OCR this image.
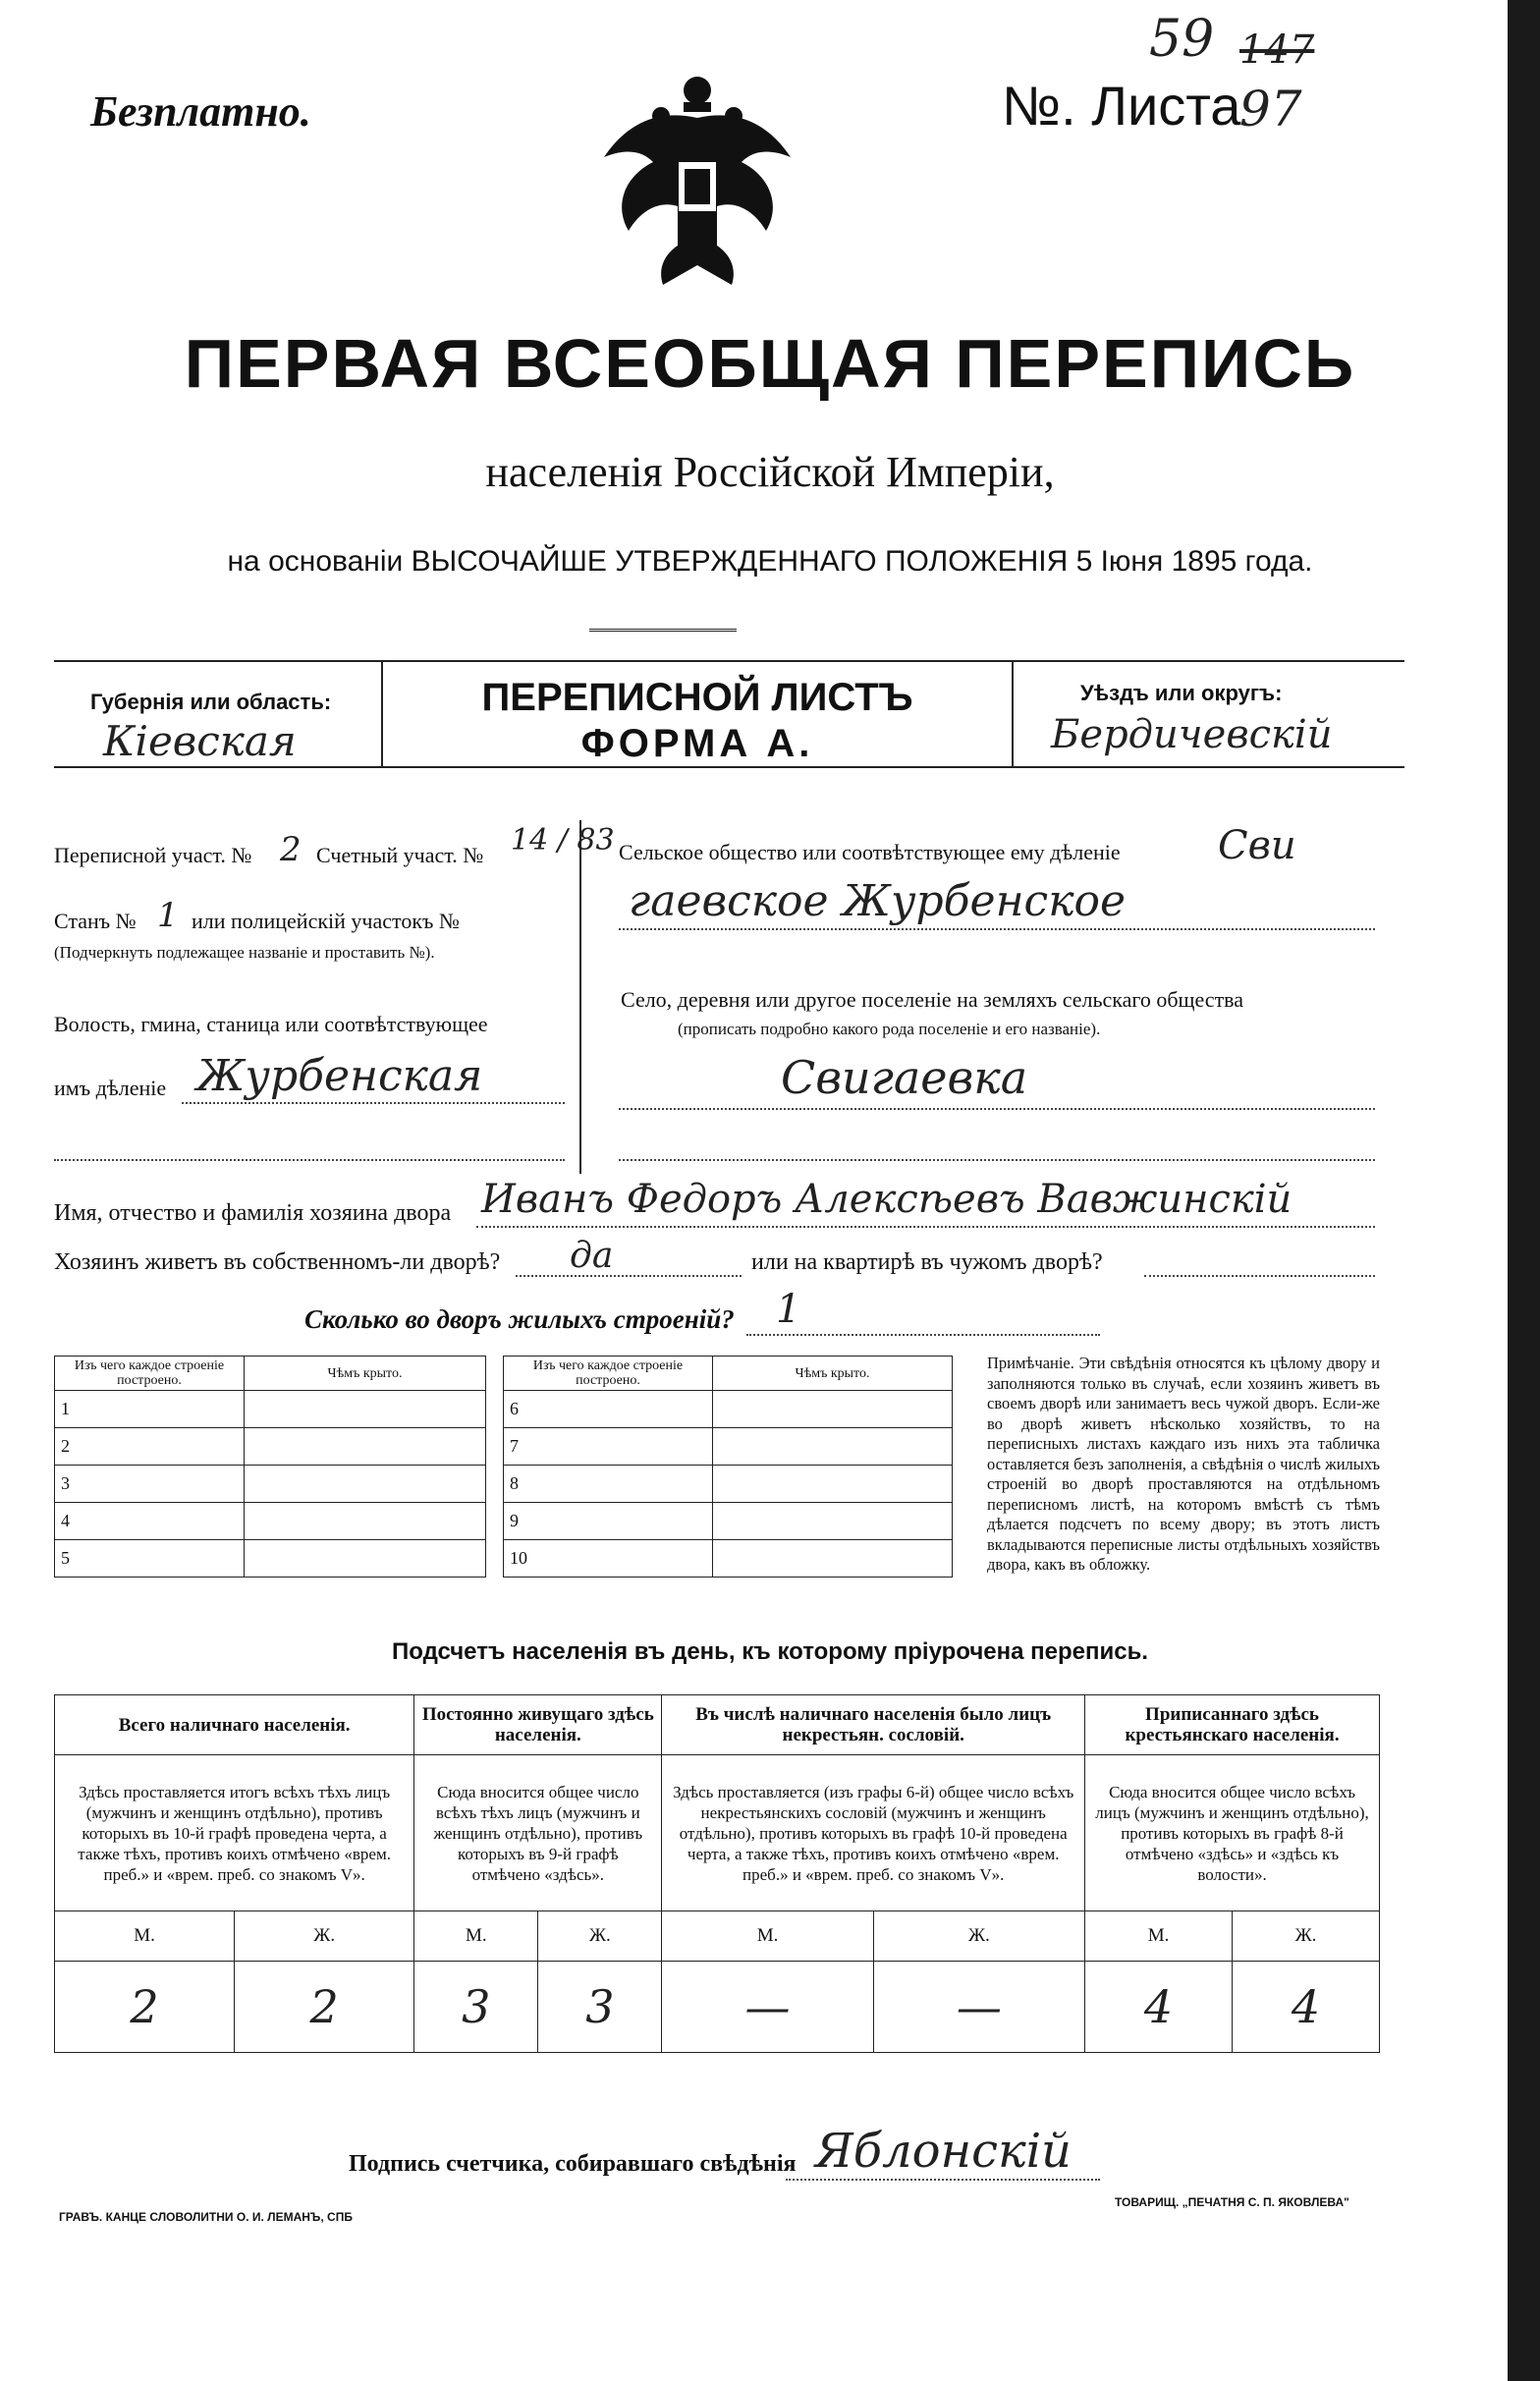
Безплатно.	№. Листа
97
59 147
ПЕРВАЯ ВСЕОБЩАЯ ПЕРЕПИСЬ
населенія Россійской Имперіи,
на основаніи ВЫСОЧАЙШЕ УТВЕРЖДЕННАГО ПОЛОЖЕНІЯ 5 Іюня 1895 года.
Губернія или область:
Кіевская
ПЕРЕПИСНОЙ ЛИСТЪ
ФОРМА А.
Уѣздъ или округъ:
Бердичевскій
Переписной участ. № 2 Счетный участ. № 14 / 83
Станъ № 1 или полицейскій участокъ №
(Подчеркнуть подлежащее названіе и проставить №).
Волость, гмина, станица или соотвѣтствующее
имъ дѣленіе Журбенская
Сельское общество или соотвѣтствующее ему дѣленіе Сви
гаевское Журбенское
Село, деревня или другое поселеніе на земляхъ сельскаго общества
(прописать подробно какого рода поселеніе и его названіе).
Свигаевка
Имя, отчество и фамилія хозяина двора Иванъ Федоръ Алексѣевъ Вавжинскій
Хозяинъ живетъ въ собственномъ-ли дворѣ? да	или на квартирѣ въ чужомъ дворѣ?
Сколько во дворъ жилыхъ строеній? 1
Изъ чего каждое строеніе построено.	Чѣмъ крыто.
1	
2	
3	
4	
5	
Изъ чего каждое строеніе построено.	Чѣмъ крыто.
6	
7	
8	
9	
10	
Примѣчаніе. Эти свѣдѣнія относятся къ цѣлому двору и заполняются только въ случаѣ, если хозяинъ живетъ въ своемъ дворѣ или занимаетъ весь чужой дворъ. Если-же во дворѣ живетъ нѣсколько хозяйствъ, то на переписныхъ листахъ каждаго изъ нихъ эта табличка оставляется безъ заполненія, а свѣдѣнія о числѣ жилыхъ строеній во дворѣ проставляются на отдѣльномъ переписномъ листѣ, на которомъ вмѣстѣ съ тѣмъ дѣлается подсчетъ по всему двору; въ этотъ листъ вкладываются переписные листы отдѣльныхъ хозяйствъ двора, какъ въ обложку.
Подсчетъ населенія въ день, къ которому пріурочена перепись.
Всего наличнаго населенія.		Постоянно живущаго здѣсь населенія.		Въ числѣ наличнаго населенія было лицъ некрестьян. сословій.		Приписаннаго здѣсь крестьянскаго населенія.	
Здѣсь проставляется итогъ всѣхъ тѣхъ лицъ (мужчинъ и женщинъ отдѣльно), противъ которыхъ въ 10-й графѣ проведена черта, а также тѣхъ, противъ коихъ отмѣчено «врем. преб.» и «врем. преб. со знакомъ V».		Сюда вносится общее число всѣхъ тѣхъ лицъ (мужчинъ и женщинъ отдѣльно), противъ которыхъ въ 9-й графѣ отмѣчено «здѣсь».		Здѣсь проставляется (изъ графы 6-й) общее число всѣхъ некрестьянскихъ сословій (мужчинъ и женщинъ отдѣльно), противъ которыхъ въ графѣ 10-й проведена черта, а также тѣхъ, противъ коихъ отмѣчено «врем. преб.» и «врем. преб. со знакомъ V».		Сюда вносится общее число всѣхъ лицъ (мужчинъ и женщинъ отдѣльно), противъ которыхъ въ графѣ 8-й отмѣчено «здѣсь» и «здѣсь къ волости».	
М.	Ж.	М.	Ж.	М.	Ж.	М.	Ж.
2	2	3	3	—	—	4	4
Подпись счетчика, собиравшаго свѣдѣнія Яблонскій
ГРАВЪ. КАНЦЕ СЛОВОЛИТНИ О. И. ЛЕМАНЪ, СПБ
ТОВАРИЩ. „ПЕЧАТНЯ С. П. ЯКОВЛЕВА"
